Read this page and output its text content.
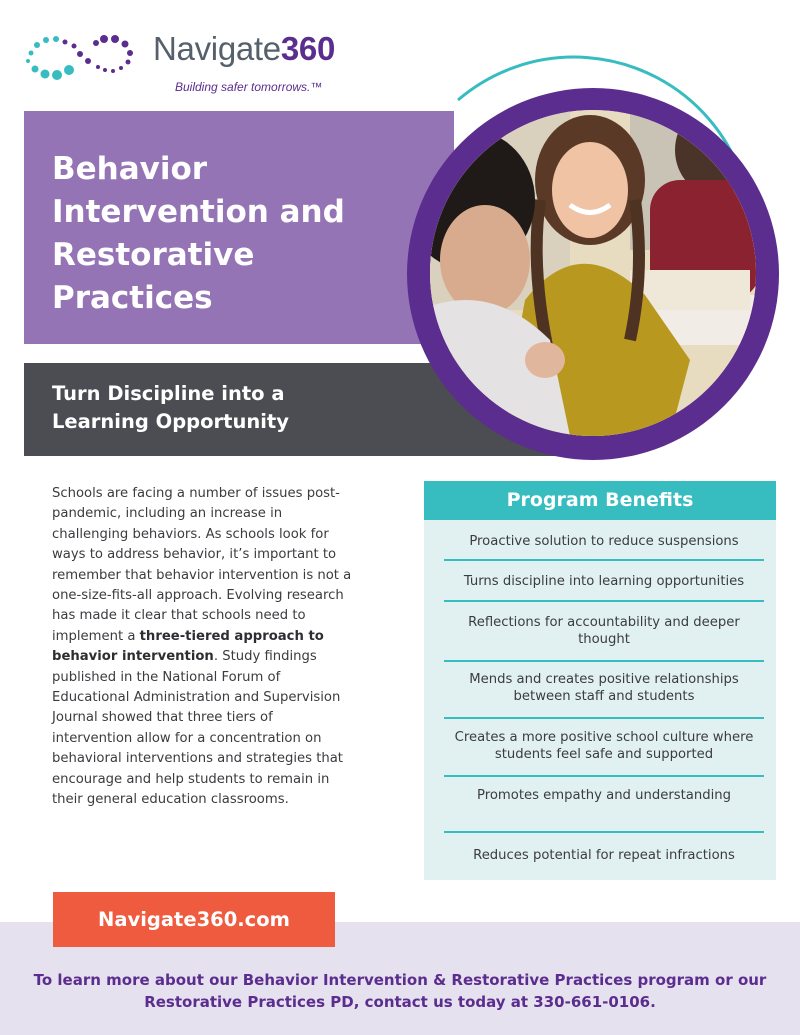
Navigate360
Building safer tomorrows.™
Behavior Intervention and Restorative Practices
Turn Discipline into a Learning Opportunity
Schools are facing a number of issues post-pandemic, including an increase in challenging behaviors. As schools look for ways to address behavior, it’s important to remember that behavior intervention is not a one-size-fits-all approach. Evolving research has made it clear that schools need to implement a three-tiered approach to behavior intervention. Study findings published in the National Forum of Educational Administration and Supervision Journal showed that three tiers of intervention allow for a concentration on behavioral interventions and strategies that encourage and help students to remain in their general education classrooms.
Program Benefits
Proactive solution to reduce suspensions
Turns discipline into learning opportunities
Reflections for accountability and deeper thought
Mends and creates positive relationships between staff and students
Creates a more positive school culture where students feel safe and supported
Promotes empathy and understanding
Reduces potential for repeat infractions
Navigate360.com
To learn more about our Behavior Intervention & Restorative Practices program or our Restorative Practices PD, contact us today at 330-661-0106.
